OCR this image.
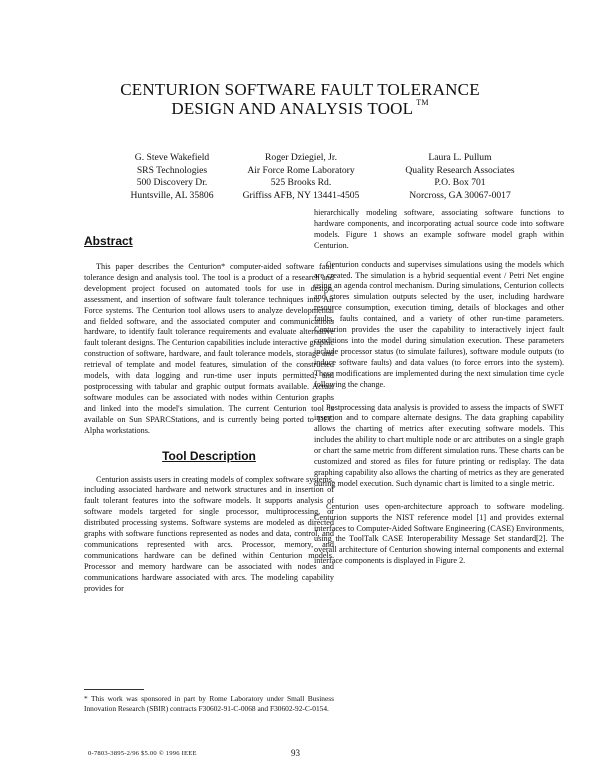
CENTURION SOFTWARE FAULT TOLERANCE
DESIGN AND ANALYSIS TOOL ™
G. Steve Wakefield
SRS Technologies
500 Discovery Dr.
Huntsville, AL 35806
Roger Dziegiel, Jr.
Air Force Rome Laboratory
525 Brooks Rd.
Griffiss AFB, NY 13441-4505
Laura L. Pullum
Quality Research Associates
P.O. Box 701
Norcross, GA 30067-0017
Abstract

This paper describes the Centurion* computer-aided software fault tolerance design and analysis tool. The tool is a product of a research and development project focused on automated tools for use in design, assessment, and insertion of software fault tolerance techniques into Air Force systems. The Centurion tool allows users to analyze developmental and fielded software, and the associated computer and communications hardware, to identify fault tolerance requirements and evaluate alternative fault tolerant designs. The Centurion capabilities include interactive graphic construction of software, hardware, and fault tolerance models, storage and retrieval of template and model features, simulation of the constructed models, with data logging and run-time user inputs permitted; and postprocessing with tabular and graphic output formats available. Actual software modules can be associated with nodes within Centurion graphs and linked into the model's simulation. The current Centurion tool is available on Sun SPARCStations, and is currently being ported to DEC Alpha workstations.

Tool Description

Centurion assists users in creating models of complex software systems, including associated hardware and network structures and in insertion of fault tolerant features into the software models. It supports analysis of software models targeted for single processor, multiprocessing, or distributed processing systems. Software systems are modeled as directed graphs with software functions represented as nodes and data, control, and communications represented with arcs. Processor, memory, and communications hardware can be defined within Centurion models. Processor and memory hardware can be associated with nodes and communications hardware associated with arcs. The modeling capability provides for

* This work was sponsored in part by Rome Laboratory under Small Business Innovation Research (SBIR) contracts F30602-91-C-0068 and F30602-92-C-0154.

hierarchically modeling software, associating software functions to hardware components, and incorporating actual source code into software models. Figure 1 shows an example software model graph within Centurion.

Centurion conducts and supervises simulations using the models which are created. The simulation is a hybrid sequential event / Petri Net engine using an agenda control mechanism. During simulations, Centurion collects and stores simulation outputs selected by the user, including hardware resource consumption, execution timing, details of blockages and other faults, faults contained, and a variety of other run-time parameters. Centurion provides the user the capability to interactively inject fault conditions into the model during simulation execution. These parameters include processor status (to simulate failures), software module outputs (to induce software faults) and data values (to force errors into the system). These modifications are implemented during the next simulation time cycle following the change.

Postprocessing data analysis is provided to assess the impacts of SWFT insertion and to compare alternate designs. The data graphing capability allows the charting of metrics after executing software models. This includes the ability to chart multiple node or arc attributes on a single graph or chart the same metric from different simulation runs. These charts can be customized and stored as files for future printing or redisplay. The data graphing capability also allows the charting of metrics as they are generated during model execution. Such dynamic chart is limited to a single metric.

Centurion uses open-architecture approach to software modeling. Centurion supports the NIST reference model [1] and provides external interfaces to Computer-Aided Software Engineering (CASE) Environments, using the ToolTalk CASE Interoperability Message Set standard[2]. The overall architecture of Centurion showing internal components and external interface components is displayed in Figure 2.

0-7803-3895-2/96 $5.00 © 1996 IEEE	93
